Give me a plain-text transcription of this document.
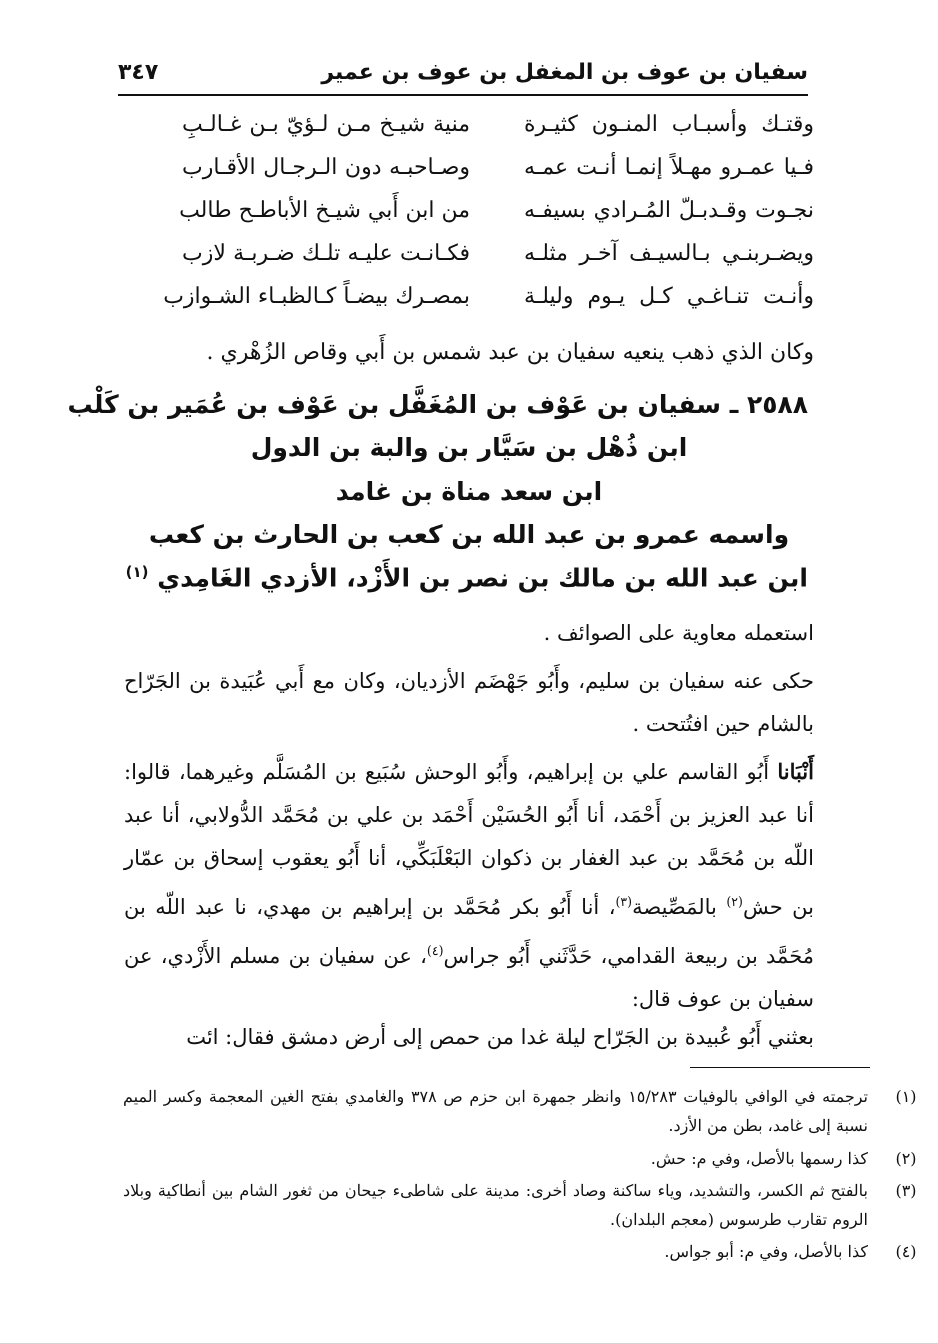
سفيان بن عوف بن المغفل بن عوف بن عمير
٣٤٧
وقتـك وأسبـاب المنـون كثيـرة
منية شيـخ مـن لـؤيّ بـن غـالـبِ
فـيا عمـرو مهـلاً إنمـا أنـت عمـه
وصـاحبـه دون الـرجـال الأقـارب
نجـوت وقـدبـلّ المُـرادي بسيفـه
من ابن أَبي شيـخ الأباطـح طالب
ويضـربنـي بـالسيـف آخـر مثلـه
فكـانـت عليـه تلـك ضـربـة لازب
وأنـت تنـاغـي كـل يـوم وليلـة
بمصـرك بيضـاً كـالظبـاء الشـوازب
وكان الذي ذهب ينعيه سفيان بن عبد شمس بن أَبي وقاص الزُهْري .
٢٥٨٨ ـ سفيان بن عَوْف بن المُغَفَّل بن عَوْف بن عُمَير بن كَلْب
ابن ذُهْل بن سَيَّار بن والبة بن الدول
ابن سعد مناة بن غامد
واسمه عمرو بن عبد الله بن كعب بن الحارث بن كعب
ابن عبد الله بن مالك بن نصر بن الأَزْد، الأزدي الغَامِدي $^{(١)}$
استعمله معاوية على الصوائف .
حكى عنه سفيان بن سليم، وأَبُو جَهْضَم الأزديان، وكان مع أَبي عُبَيدة بن الجَرّاح بالشام حين افتُتحت .
أَنْبَانا أَبُو القاسم علي بن إبراهيم، وأَبُو الوحش سُبَيع بن المُسَلَّم وغيرهما، قالوا: أنا عبد العزيز بن أَحْمَد، أنا أَبُو الحُسَيْن أَحْمَد بن علي بن مُحَمَّد الدُّولابي، أنا عبد اللّه بن مُحَمَّد بن عبد الغفار بن ذكوان البَعْلَبَكِّي، أنا أَبُو يعقوب إسحاق بن عمّار بن حش$^{(٢)}$ بالمَصِّيصة$^{(٣)}$، أنا أَبُو بكر مُحَمَّد بن إبراهيم بن مهدي، نا عبد اللّه بن مُحَمَّد بن ربيعة القدامي، حَدَّثَني أَبُو جراس$^{(٤)}$، عن سفيان بن مسلم الأَزْدي، عن سفيان بن عوف قال:
بعثني أَبُو عُبيدة بن الجَرّاح ليلة غدا من حمص إلى أرض دمشق فقال: ائت
(١)
ترجمته في الوافي بالوفيات ١٥/٢٨٣ وانظر جمهرة ابن حزم ص ٣٧٨ والغامدي بفتح الغين المعجمة وكسر الميم نسبة إلى غامد، بطن من الأزد.
(٢)
كذا رسمها بالأصل، وفي م: حش.
(٣)
بالفتح ثم الكسر، والتشديد، وياء ساكنة وصاد أخرى: مدينة على شاطىء جيحان من ثغور الشام بين أنطاكية وبلاد الروم تقارب طرسوس (معجم البلدان).
(٤)
كذا بالأصل، وفي م: أبو جواس.
